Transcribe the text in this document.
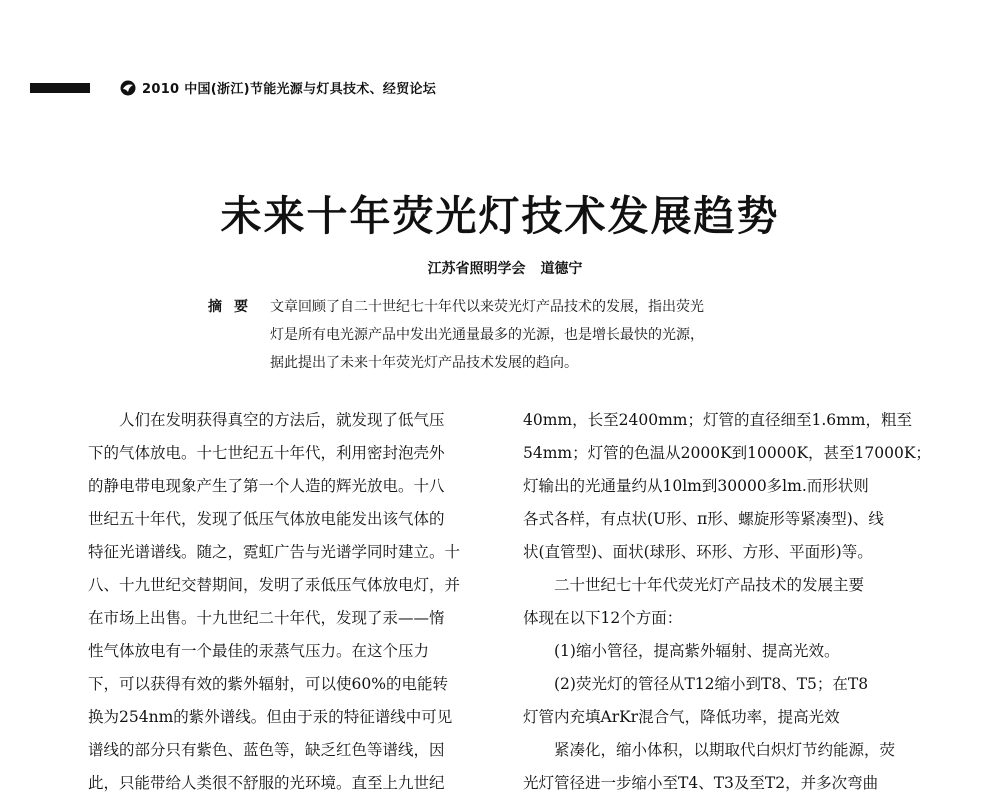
2010 中国(浙江)节能光源与灯具技术、经贸论坛
未来十年荧光灯技术发展趋势
江苏省照明学会 道德宁
摘要 文章回顾了自二十世纪七十年代以来荧光灯产品技术的发展，指出荧光
灯是所有电光源产品中发出光通量最多的光源，也是增长最快的光源，
据此提出了未来十年荧光灯产品技术发展的趋向。
　　人们在发明获得真空的方法后，就发现了低气压
下的气体放电。十七世纪五十年代，利用密封泡壳外
的静电带电现象产生了第一个人造的辉光放电。十八
世纪五十年代，发现了低压气体放电能发出该气体的
特征光谱谱线。随之，霓虹广告与光谱学同时建立。十
八、十九世纪交替期间，发明了汞低压气体放电灯，并
在市场上出售。十九世纪二十年代，发现了汞——惰
性气体放电有一个最佳的汞蒸气压力。在这个压力
下，可以获得有效的紫外辐射，可以使60%的电能转
换为254nm的紫外谱线。但由于汞的特征谱线中可见
谱线的部分只有紫色、蓝色等，缺乏红色等谱线，因
此，只能带给人类很不舒服的光环境。直至上九世纪
40mm，长至2400mm；灯管的直径细至1.6mm，粗至
54mm；灯管的色温从2000K到10000K，甚至17000K；
灯输出的光通量约从10lm到30000多lm.而形状则
各式各样，有点状(U形、π形、螺旋形等紧凑型)、线
状(直管型)、面状(球形、环形、方形、平面形)等。
　　二十世纪七十年代荧光灯产品技术的发展主要
体现在以下12个方面：
　　(1)缩小管径，提高紫外辐射、提高光效。
　　(2)荧光灯的管径从T12缩小到T8、T5；在T8
灯管内充填ArKr混合气，降低功率，提高光效
　　紧凑化，缩小体积，以期取代白炽灯节约能源，荧
光灯管径进一步缩小至T4、T3及至T2，并多次弯曲
